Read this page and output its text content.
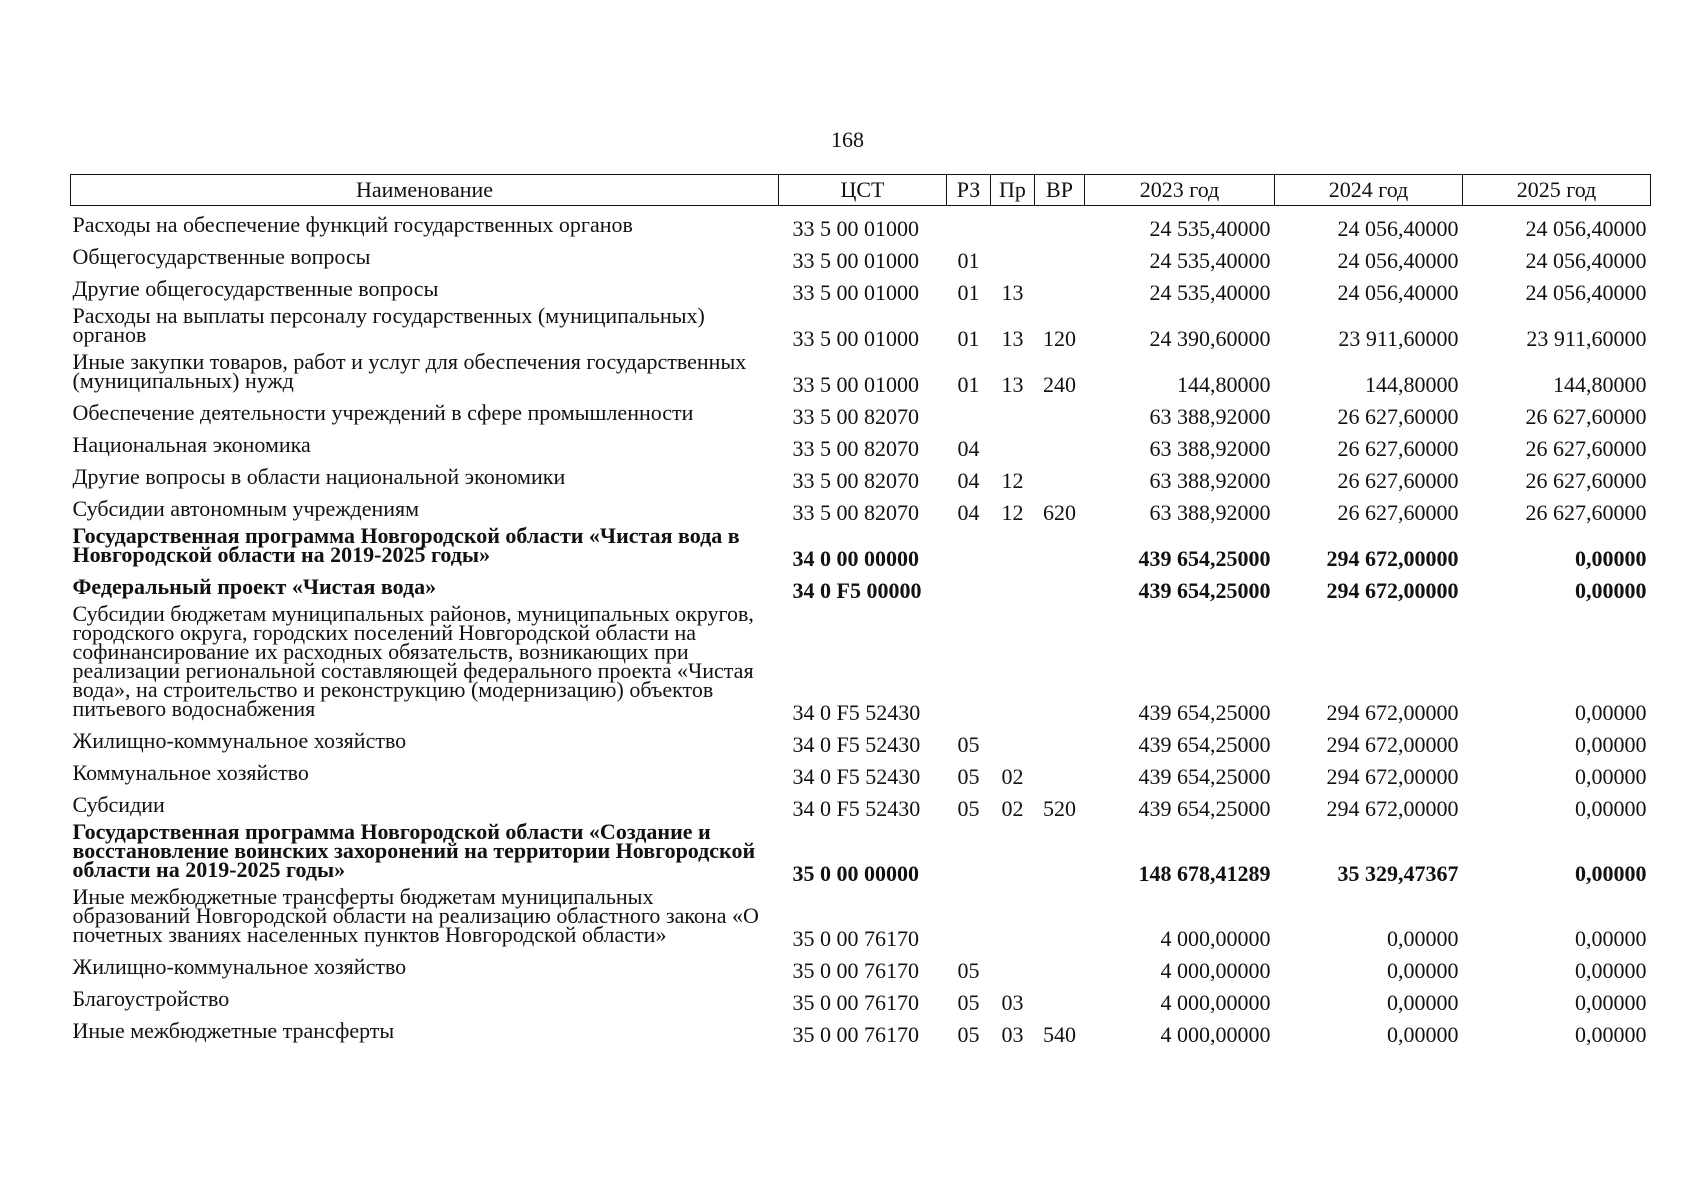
168
Наименование	ЦСТ	РЗ	Пр	ВР	2023 год	2024 год	2025 год
Расходы на обеспечение функций государственных органов	33 5 00 01000				24 535,40000	24 056,40000	24 056,40000
Общегосударственные вопросы	33 5 00 01000	01			24 535,40000	24 056,40000	24 056,40000
Другие общегосударственные вопросы	33 5 00 01000	01	13		24 535,40000	24 056,40000	24 056,40000
Расходы на выплаты персоналу государственных (муниципальных) органов	33 5 00 01000	01	13	120	24 390,60000	23 911,60000	23 911,60000
Иные закупки товаров, работ и услуг для обеспечения государственных (муниципальных) нужд	33 5 00 01000	01	13	240	144,80000	144,80000	144,80000
Обеспечение деятельности учреждений в сфере промышленности	33 5 00 82070				63 388,92000	26 627,60000	26 627,60000
Национальная экономика	33 5 00 82070	04			63 388,92000	26 627,60000	26 627,60000
Другие вопросы в области национальной экономики	33 5 00 82070	04	12		63 388,92000	26 627,60000	26 627,60000
Субсидии автономным учреждениям	33 5 00 82070	04	12	620	63 388,92000	26 627,60000	26 627,60000
Государственная программа Новгородской области «Чистая вода в Новгородской области на 2019-2025 годы»	34 0 00 00000				439 654,25000	294 672,00000	0,00000
Федеральный проект «Чистая вода»	34 0 F5 00000				439 654,25000	294 672,00000	0,00000
Субсидии бюджетам муниципальных районов, муниципальных округов, городского округа, городских поселений Новгородской области на софинансирование их расходных обязательств, возникающих при реализации региональной составляющей федерального проекта «Чистая вода», на строительство и реконструкцию (модернизацию) объектов питьевого водоснабжения	34 0 F5 52430				439 654,25000	294 672,00000	0,00000
Жилищно-коммунальное хозяйство	34 0 F5 52430	05			439 654,25000	294 672,00000	0,00000
Коммунальное хозяйство	34 0 F5 52430	05	02		439 654,25000	294 672,00000	0,00000
Субсидии	34 0 F5 52430	05	02	520	439 654,25000	294 672,00000	0,00000
Государственная программа Новгородской области «Создание и восстановление воинских захоронений на территории Новгородской области на 2019-2025 годы»	35 0 00 00000				148 678,41289	35 329,47367	0,00000
Иные межбюджетные трансферты бюджетам муниципальных образований Новгородской области на реализацию областного закона «О почетных званиях населенных пунктов Новгородской области»	35 0 00 76170				4 000,00000	0,00000	0,00000
Жилищно-коммунальное хозяйство	35 0 00 76170	05			4 000,00000	0,00000	0,00000
Благоустройство	35 0 00 76170	05	03		4 000,00000	0,00000	0,00000
Иные межбюджетные трансферты	35 0 00 76170	05	03	540	4 000,00000	0,00000	0,00000
